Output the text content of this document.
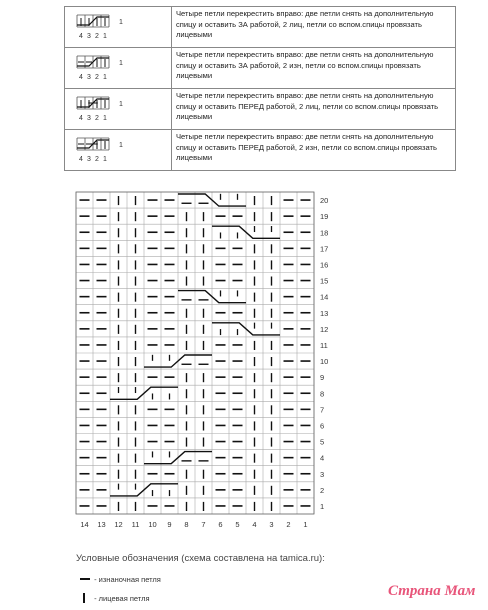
1
4 3 2 1	Четыре петли перекрестить вправо: две петли снять на дополнительную спицу и оставить ЗА работой, 2 лиц, петли со вспом.спицы провязать лицевыми

1
4 3 2 1	Четыре петли перекрестить вправо: две петли снять на дополнительную спицу и оставить ЗА работой, 2 изн, петли со вспом.спицы провязать лицевыми

1
4 3 2 1	Четыре петли перекрестить вправо: две петли снять на дополнительную спицу и оставить ПЕРЕД работой, 2 лиц, петли со вспом.спицы провязать лицевыми

1
4 3 2 1	Четыре петли перекрестить вправо: две петли снять на дополнительную спицу и оставить ПЕРЕД работой, 2 изн, петли со вспом.спицы провязать лицевыми
20
19
18
17
16
15
14
13
12
11
10
9
8
7
6
5
4
3
2
1
14 13 12 11 10 9 8 7 6 5 4 3 2 1
Условные обозначения (схема составлена на tamica.ru):
- изнаночная петля
- лицевая петля	Страна Мам
